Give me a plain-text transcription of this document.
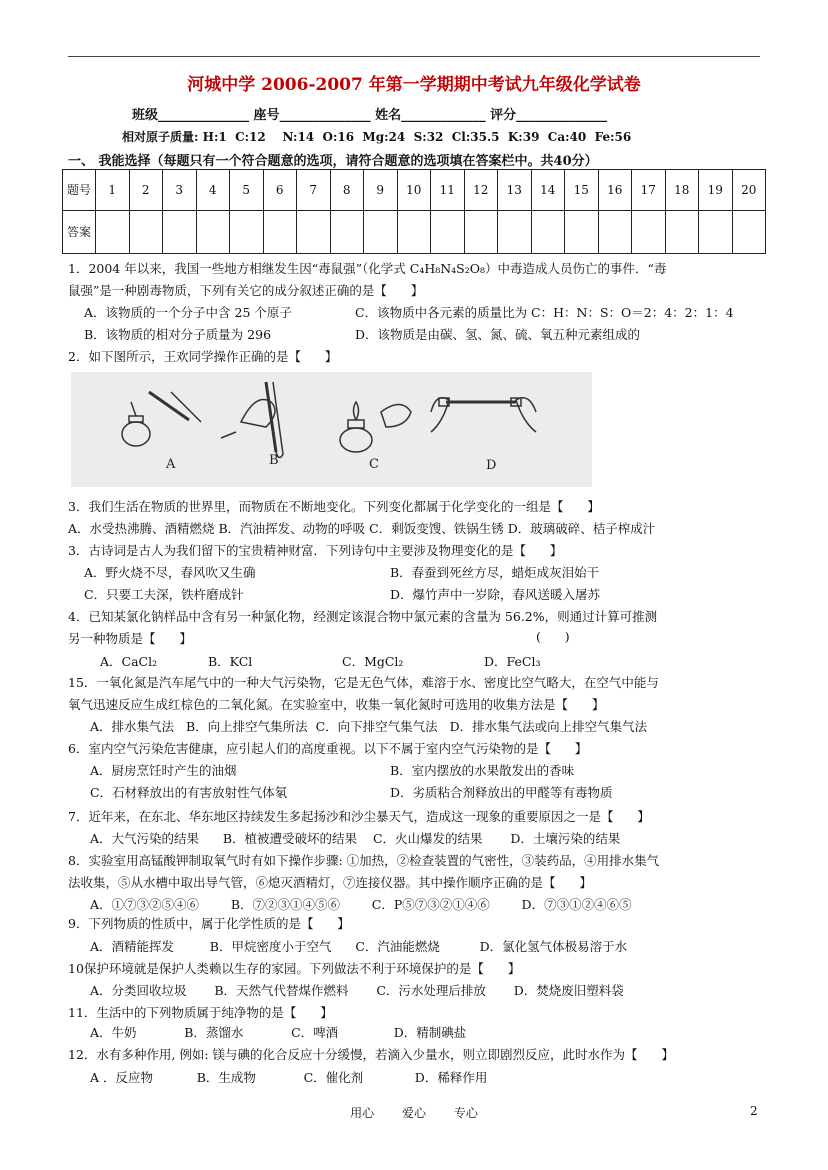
河城中学 2006-2007 年第一学期期中考试九年级化学试卷
班级______________ 座号______________ 姓名_____________ 评分______________
相对原子质量: H:1  C:12    N:14  O:16  Mg:24  S:32  Cl:35.5  K:39  Ca:40  Fe:56
一、 我能选择（每题只有一个符合题意的选项，请符合题意的选项填在答案栏中。共40分）
题号	1	2	3	4	5	6	7	8	9	10	11	12	13	14	15	16	17	18	19	20
答案																				
1．2004 年以来，我国一些地方相继发生因“毒鼠强”（化学式 C₄H₈N₄S₂O₈）中毒造成人员伤亡的事件．“毒
鼠强”是一种剧毒物质，下列有关它的成分叙述正确的是【      】
A．该物质的一个分子中含 25 个原子	C．该物质中各元素的质量比为 C：H：N：S：O＝2：4：2：1：4
B．该物质的相对分子质量为 296	D．该物质是由碳、氢、氮、硫、氧五种元素组成的
2．如下图所示，王欢同学操作正确的是【      】
A	B	C	D
3．我们生活在物质的世界里，而物质在不断地变化。下列变化都属于化学变化的一组是【      】
A．水受热沸腾、酒精燃烧 B．汽油挥发、动物的呼吸 C．剩饭变馊、铁锅生锈 D．玻璃破碎、桔子榨成汁
3．古诗词是古人为我们留下的宝贵精神财富．下列诗句中主要涉及物理变化的是【      】
A．野火烧不尽，春风吹又生确	B．春蚕到死丝方尽，蜡炬成灰泪始干
C．只要工夫深，铁杵磨成针	D．爆竹声中一岁除，春风送暖入屠苏
4．已知某氯化钠样品中含有另一种氯化物，经测定该混合物中氯元素的含量为 56.2%，则通过计算可推测
另一种物质是【      】	(      )
A．CaCl₂	B．KCl	C．MgCl₂	D．FeCl₃
15．一氧化氮是汽车尾气中的一种大气污染物，它是无色气体，难溶于水、密度比空气略大，在空气中能与
氧气迅速反应生成红棕色的二氧化氮。在实验室中，收集一氧化氮时可选用的收集方法是【      】
A．排水集气法   B．向上排空气集所法  C．向下排空气集气法   D．排水集气法或向上排空气集气法
6．室内空气污染危害健康，应引起人们的高度重视。以下不属于室内空气污染物的是【      】
A．厨房烹饪时产生的油烟	B．室内摆放的水果散发出的香味
C．石材释放出的有害放射性气体氡	D．劣质粘合剂释放出的甲醛等有毒物质
7．近年来，在东北、华东地区持续发生多起扬沙和沙尘暴天气，造成这一现象的重要原因之一是【      】
A．大气污染的结果      B．植被遭受破坏的结果    C．火山爆发的结果       D．土壤污染的结果
8．实验室用高锰酸钾制取氧气时有如下操作步骤: ①加热，②检查装置的气密性，③装药品，④用排水集气
法收集，⑤从水槽中取出导气管，⑥熄灭酒精灯，⑦连接仪器。其中操作顺序正确的是【      】
A．①⑦③②⑤④⑥        B．⑦②③①④⑤⑥        C．P⑤⑦③②①④⑥        D．⑦③①②④⑥⑤
9．下列物质的性质中，属于化学性质的是【      】
A．酒精能挥发         B．甲烷密度小于空气      C．汽油能燃烧          D．氯化氢气体极易溶于水
10保护环境就是保护人类赖以生存的家园。下列做法不利于环境保护的是【      】
A．分类回收垃圾       B．天然气代替煤作燃料       C．污水处理后排放       D．焚烧废旧塑料袋
11．生活中的下列物质属于纯净物的是【      】
A．牛奶            B．蒸馏水            C．啤酒              D．精制碘盐
12．水有多种作用, 例如: 镁与碘的化合反应十分缓慢，若滴入少量水，则立即剧烈反应，此时水作为【      】
A ．反应物           B．生成物            C．催化剂             D．稀释作用
用心 爱心 专心	2
